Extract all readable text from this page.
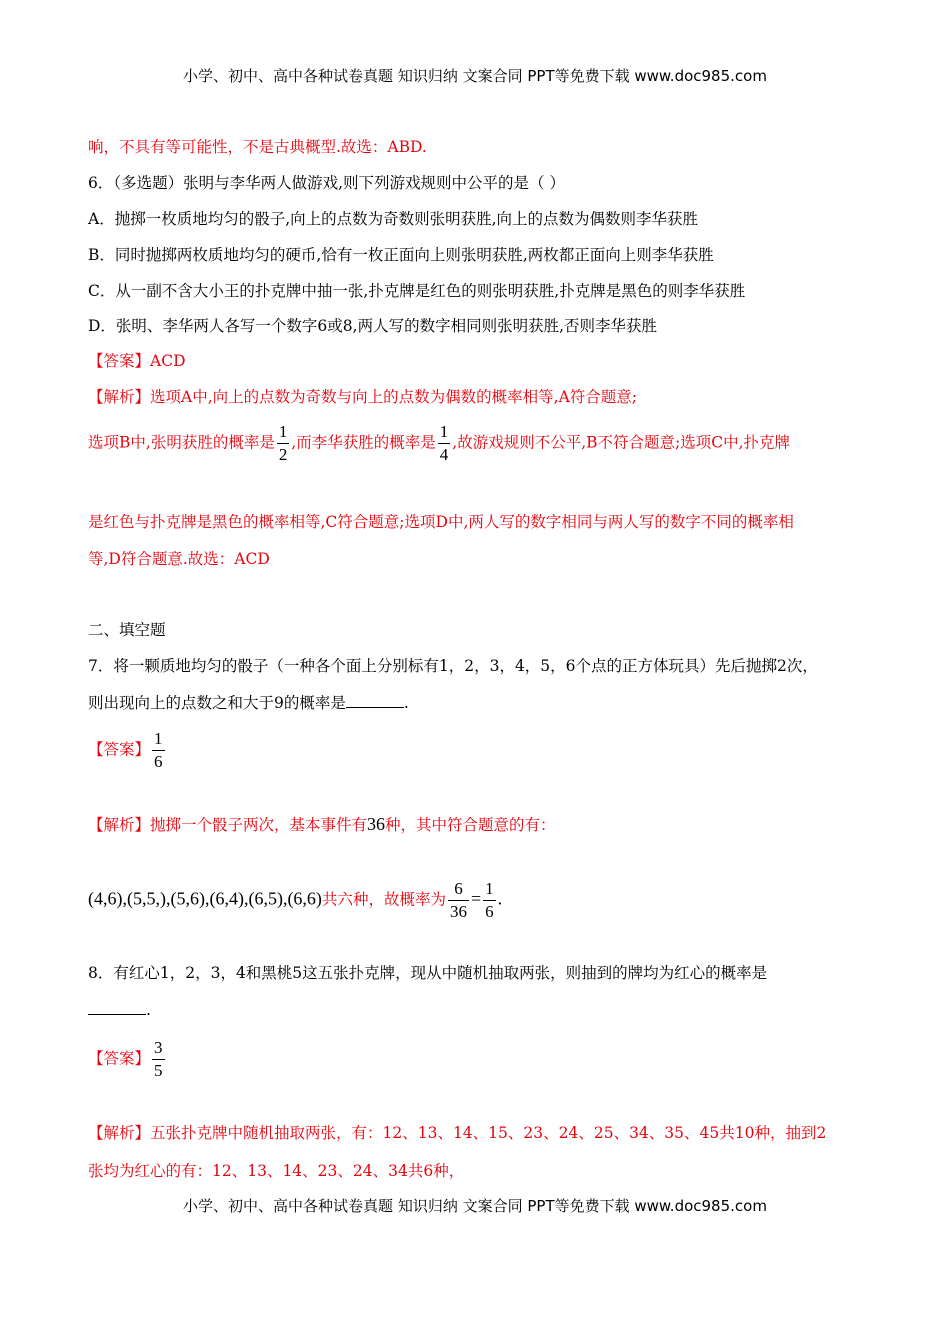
小学、初中、高中各种试卷真题 知识归纳 文案合同 PPT等免费下载 www.doc985.com
响，不具有等可能性，不是古典概型.故选：ABD.
6．（多选题）张明与李华两人做游戏,则下列游戏规则中公平的是（ ）
A．抛掷一枚质地均匀的骰子,向上的点数为奇数则张明获胜,向上的点数为偶数则李华获胜
B．同时抛掷两枚质地均匀的硬币,恰有一枚正面向上则张明获胜,两枚都正面向上则李华获胜
C．从一副不含大小王的扑克牌中抽一张,扑克牌是红色的则张明获胜,扑克牌是黑色的则李华获胜
D．张明、李华两人各写一个数字6或8,两人写的数字相同则张明获胜,否则李华获胜
【答案】ACD
【解析】选项A中,向上的点数为奇数与向上的点数为偶数的概率相等,A符合题意;
选项B中,张明获胜的概率是 $\frac{1}{2}$ ,而李华获胜的概率是 $\frac{1}{4}$ ,故游戏规则不公平,B不符合题意;选项C中,扑克牌
是红色与扑克牌是黑色的概率相等,C符合题意;选项D中,两人写的数字相同与两人写的数字不同的概率相
等,D符合题意.故选：ACD
二、填空题
7．将一颗质地均匀的骰子（一种各个面上分别标有1，2，3，4，5，6个点的正方体玩具）先后抛掷2次，
则出现向上的点数之和大于9的概率是	.
【答案】 $\frac{1}{6}$
【解析】抛掷一个骰子两次，基本事件有36种，其中符合题意的有：
(4,6),(5,5,),(5,6),(6,4),(6,5),(6,6)共六种，故概率为 $\frac{6}{36} = \frac{1}{6}$ .
8．有红心1，2，3，4和黑桃5这五张扑克牌，现从中随机抽取两张，则抽到的牌均为红心的概率是
.
【答案】 $\frac{3}{5}$
【解析】五张扑克牌中随机抽取两张，有：12、13、14、15、23、24、25、34、35、45共10种，抽到2
张均为红心的有：12、13、14、23、24、34共6种，
小学、初中、高中各种试卷真题 知识归纳 文案合同 PPT等免费下载 www.doc985.com
